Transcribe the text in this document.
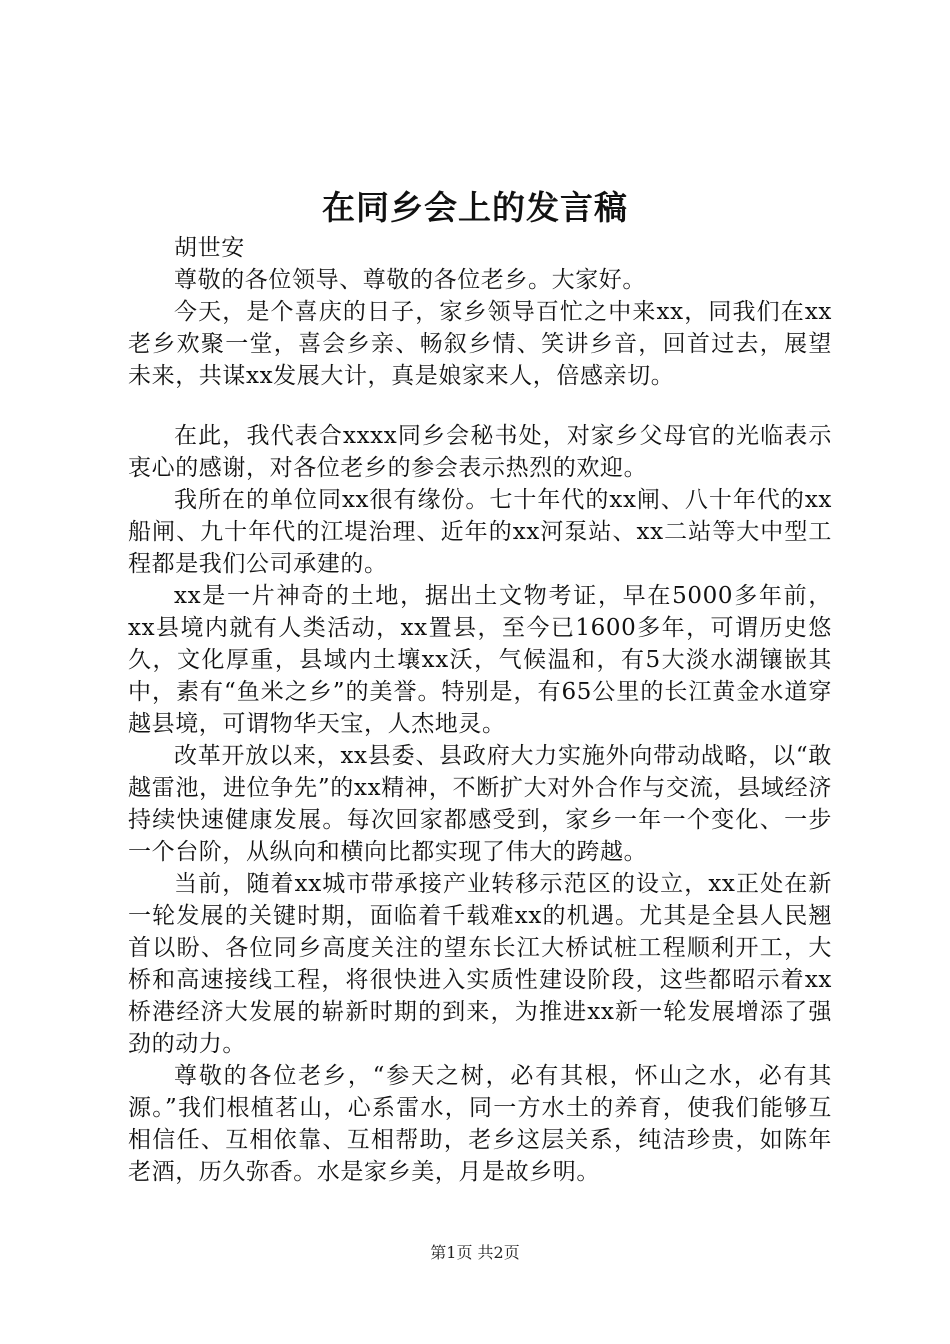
在同乡会上的发言稿

胡世安

尊敬的各位领导、尊敬的各位老乡。大家好。

今天，是个喜庆的日子，家乡领导百忙之中来xx，同我们在xx老乡欢聚一堂，喜会乡亲、畅叙乡情、笑讲乡音，回首过去，展望未来，共谋xx发展大计，真是娘家来人，倍感亲切。

在此，我代表合xxxx同乡会秘书处，对家乡父母官的光临表示衷心的感谢，对各位老乡的参会表示热烈的欢迎。

我所在的单位同xx很有缘份。七十年代的xx闸、八十年代的xx船闸、九十年代的江堤治理、近年的xx河泵站、xx二站等大中型工程都是我们公司承建的。

xx是一片神奇的土地，据出土文物考证，早在5000多年前，xx县境内就有人类活动，xx置县，至今已1600多年，可谓历史悠久，文化厚重，县域内土壤xx沃，气候温和，有5大淡水湖镶嵌其中，素有“鱼米之乡”的美誉。特别是，有65公里的长江黄金水道穿越县境，可谓物华天宝，人杰地灵。

改革开放以来，xx县委、县政府大力实施外向带动战略，以“敢越雷池，进位争先”的xx精神，不断扩大对外合作与交流，县域经济持续快速健康发展。每次回家都感受到，家乡一年一个变化、一步一个台阶，从纵向和横向比都实现了伟大的跨越。

当前，随着xx城市带承接产业转移示范区的设立，xx正处在新一轮发展的关键时期，面临着千载难xx的机遇。尤其是全县人民翘首以盼、各位同乡高度关注的望东长江大桥试桩工程顺利开工，大桥和高速接线工程，将很快进入实质性建设阶段，这些都昭示着xx桥港经济大发展的崭新时期的到来，为推进xx新一轮发展增添了强劲的动力。

尊敬的各位老乡，“参天之树，必有其根，怀山之水，必有其源。”我们根植茗山，心系雷水，同一方水土的养育，使我们能够互相信任、互相依靠、互相帮助，老乡这层关系，纯洁珍贵，如陈年老酒，历久弥香。水是家乡美，月是故乡明。

第1页 共2页
